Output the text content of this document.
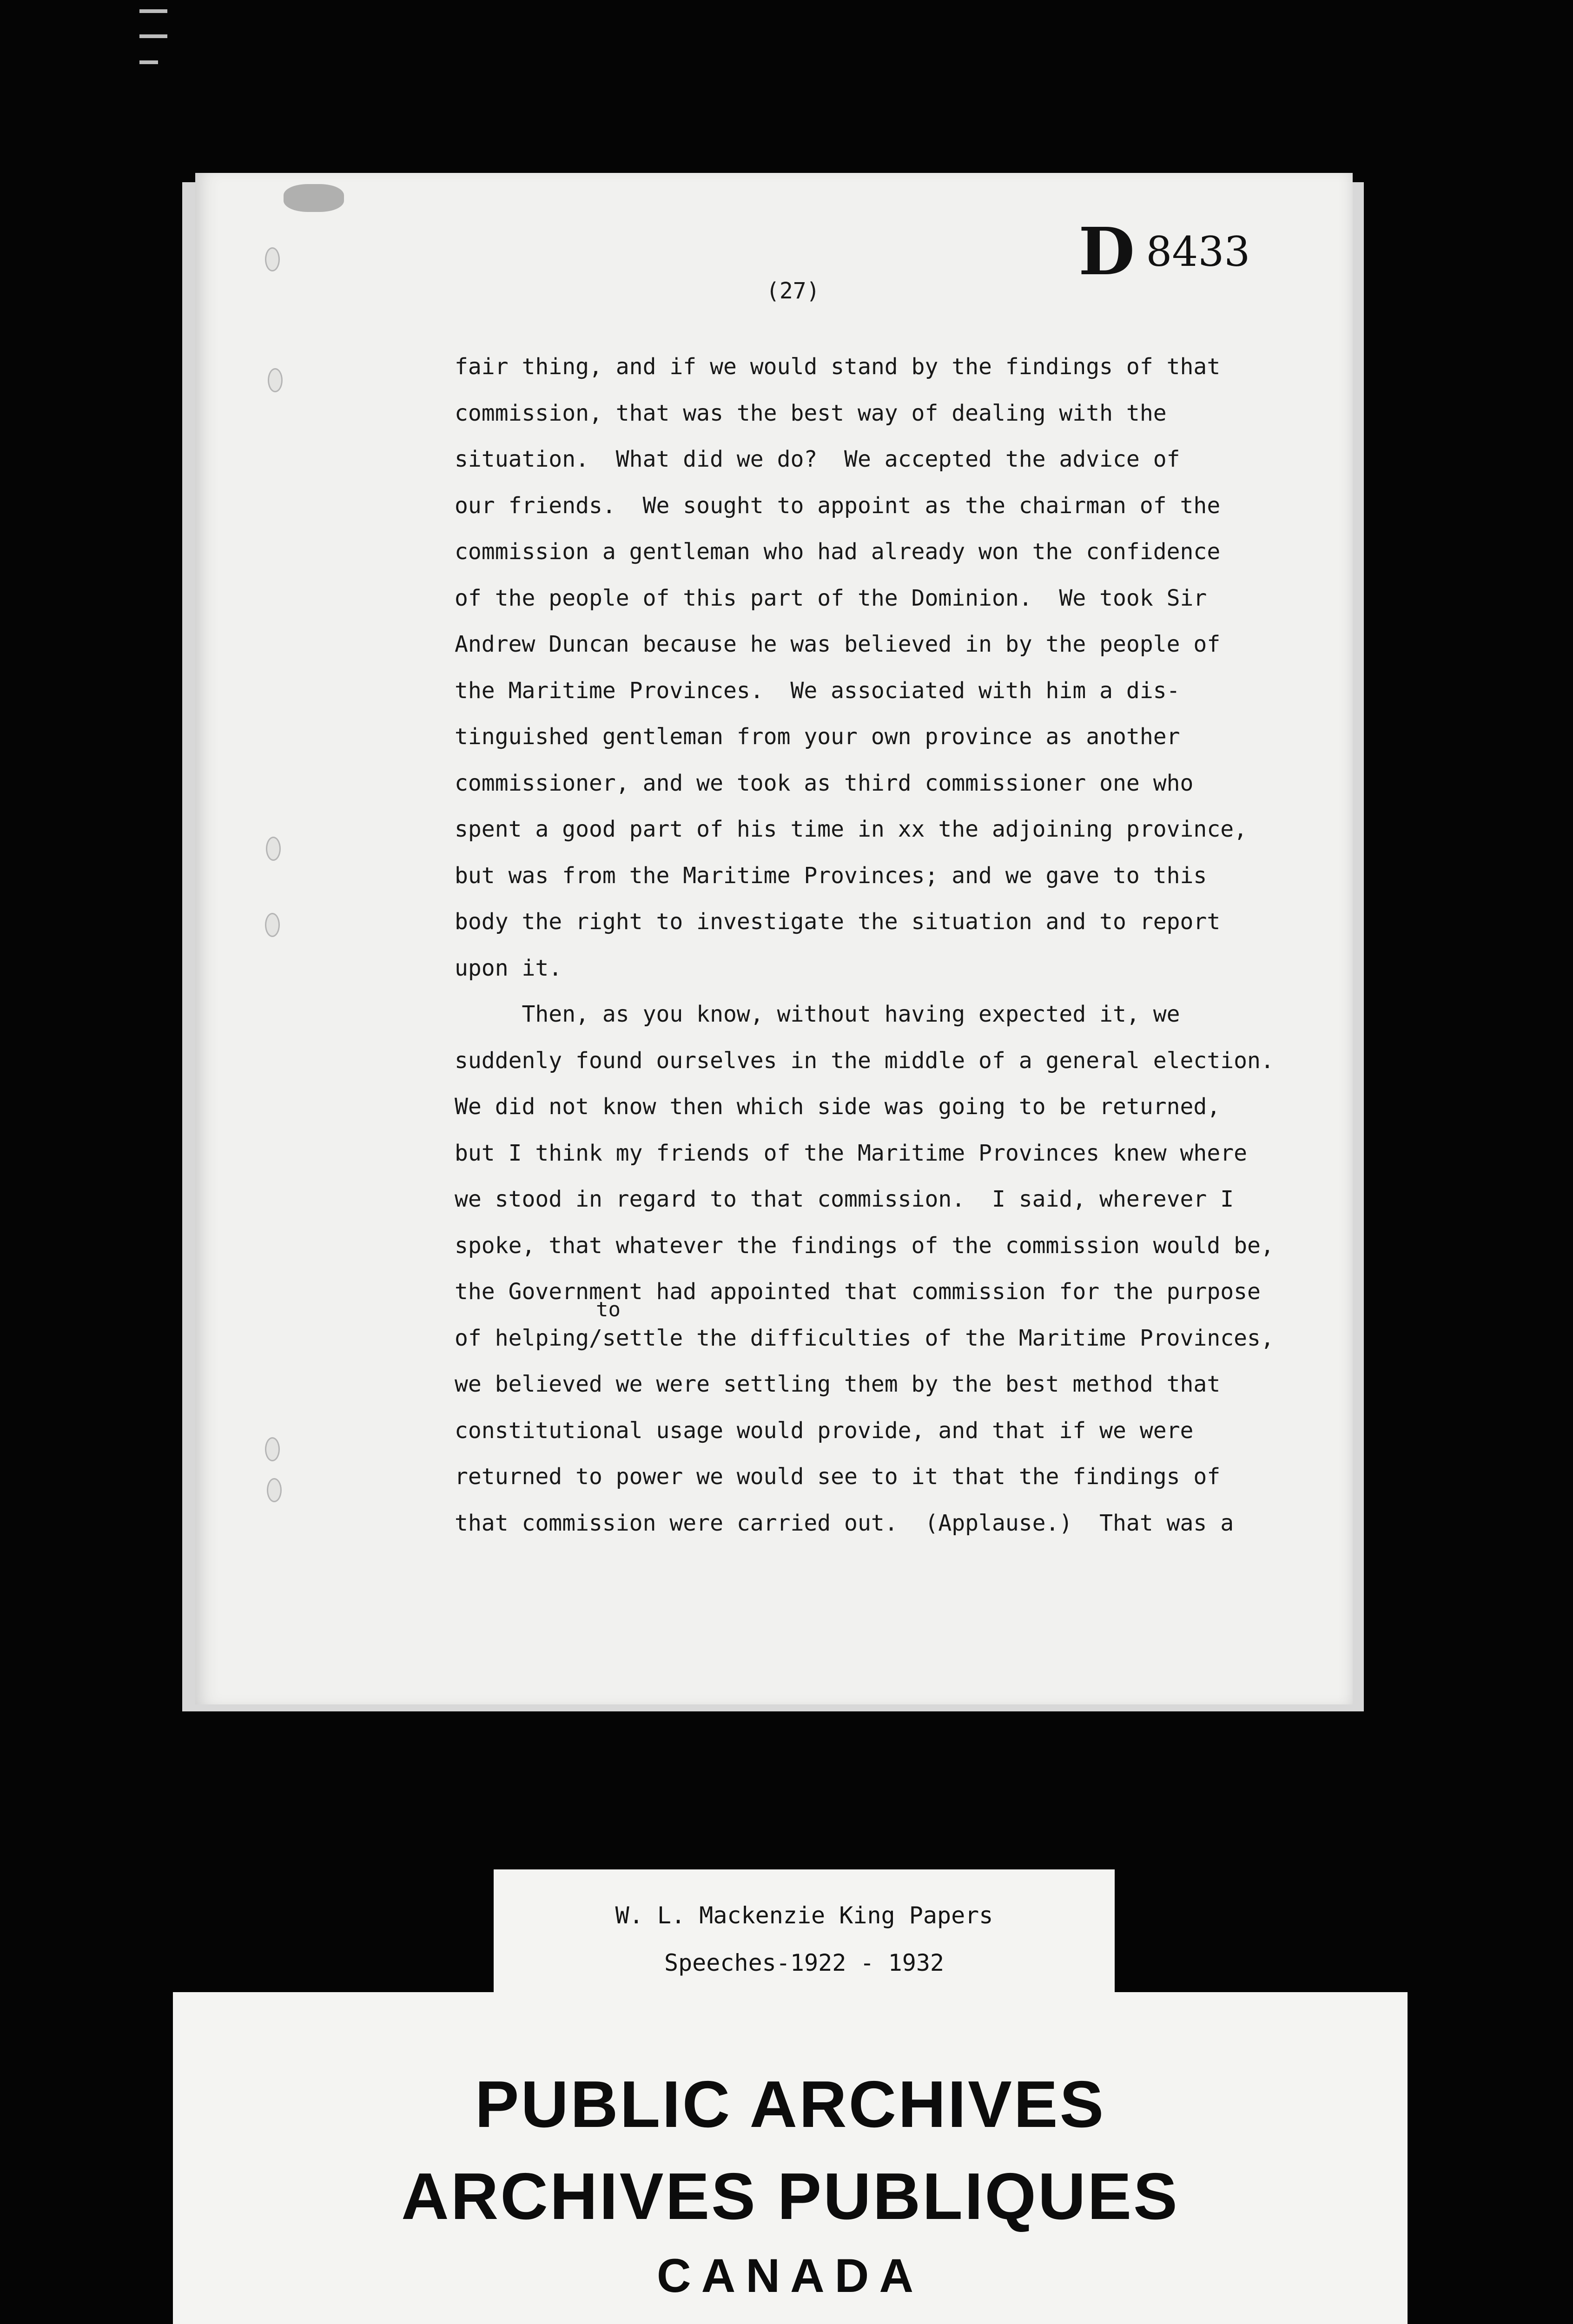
D 8433
(27)
fair thing, and if we would stand by the findings of that
commission, that was the best way of dealing with the
situation.  What did we do?  We accepted the advice of
our friends.  We sought to appoint as the chairman of the
commission a gentleman who had already won the confidence
of the people of this part of the Dominion.  We took Sir
Andrew Duncan because he was believed in by the people of
the Maritime Provinces.  We associated with him a dis-
tinguished gentleman from your own province as another
commissioner, and we took as third commissioner one who
spent a good part of his time in xx the adjoining province,
but was from the Maritime Provinces; and we gave to this
body the right to investigate the situation and to report
upon it.
Then, as you know, without having expected it, we
suddenly found ourselves in the middle of a general election.
We did not know then which side was going to be returned,
but I think my friends of the Maritime Provinces knew where
we stood in regard to that commission.  I said, wherever I
spoke, that whatever the findings of the commission would be,
the Government had appointed that commission for the purpose
of helping/settle the difficulties of the Maritime Provinces,
we believed we were settling them by the best method that
constitutional usage would provide, and that if we were
returned to power we would see to it that the findings of
that commission were carried out.  (Applause.)  That was a
to
W. L. Mackenzie King Papers
Speeches-1922 - 1932
PUBLIC ARCHIVES
ARCHIVES PUBLIQUES
CANADA
